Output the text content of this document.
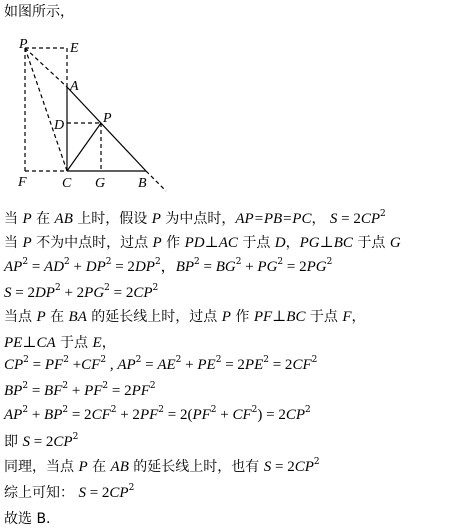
如图所示，
P	E
A
D	P
F	C G B
当 P 在 AB 上时，假设 P 为中点时，AP=PB=PC， $S = 2CP^2$
当 P 不为中点时，过点 P 作 PD⊥AC 于点 D，PG⊥BC 于点 G
$AP^2 = AD^2 + DP^2 = 2DP^2$，$BP^2 = BG^2 + PG^2 = 2PG^2$
$S = 2DP^2 + 2PG^2 = 2CP^2$
当点 P 在 BA 的延长线上时，过点 P 作 PF⊥BC 于点 F，
PE⊥CA 于点 E，
$CP^2 = PF^2 +CF^2$ , $AP^2 = AE^2 + PE^2 = 2PE^2 = 2CF^2$
$BP^2 = BF^2 + PF^2 = 2PF^2$
$AP^2 + BP^2 = 2CF^2 + 2PF^2 = 2(PF^2 + CF^2) = 2CP^2$
即 $S = 2CP^2$
同理，当点 P 在 AB 的延长线上时，也有 $S = 2CP^2$
综上可知： $S = 2CP^2$
故选 B.
